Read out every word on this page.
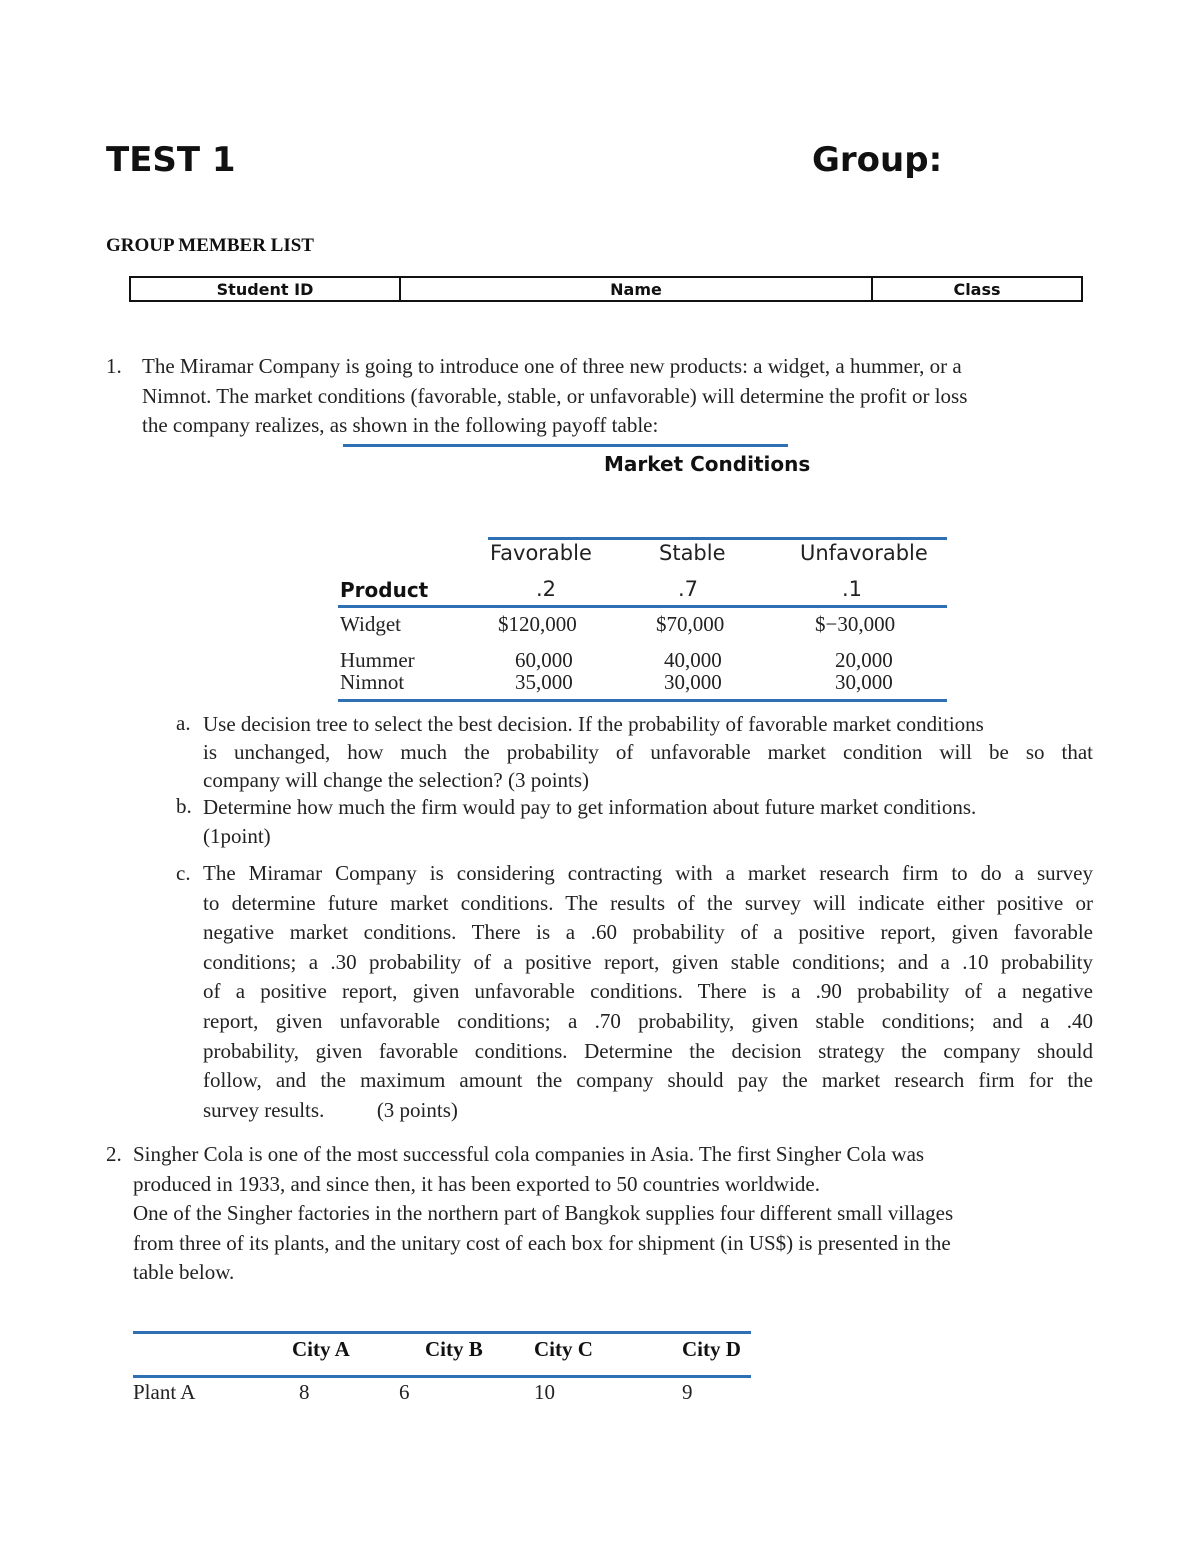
TEST 1	Group:
GROUP MEMBER LIST
Student ID	Name	Class
1. The Miramar Company is going to introduce one of three new products: a widget, a hummer, or a
Nimnot. The market conditions (favorable, stable, or unfavorable) will determine the profit or loss
the company realizes, as shown in the following payoff table:
Market Conditions
Favorable	Stable	Unfavorable
Product	.2	.7	.1
Widget	$120,000	$70,000	$−30,000
Hummer	60,000	40,000	20,000
Nimnot	35,000	30,000	30,000
a. Use decision tree to select the best decision. If the probability of favorable market conditions
is unchanged, how much the probability of unfavorable market condition will be so that
company will change the selection? (3 points)
b. Determine how much the firm would pay to get information about future market conditions.
(1point)
c. The Miramar Company is considering contracting with a market research firm to do a survey
to determine future market conditions. The results of the survey will indicate either positive or
negative market conditions. There is a .60 probability of a positive report, given favorable
conditions; a .30 probability of a positive report, given stable conditions; and a .10 probability
of a positive report, given unfavorable conditions. There is a .90 probability of a negative
report, given unfavorable conditions; a .70 probability, given stable conditions; and a .40
probability, given favorable conditions. Determine the decision strategy the company should
follow, and the maximum amount the company should pay the market research firm for the
survey results.          (3 points)
2. Singher Cola is one of the most successful cola companies in Asia. The first Singher Cola was
produced in 1933, and since then, it has been exported to 50 countries worldwide.
One of the Singher factories in the northern part of Bangkok supplies four different small villages
from three of its plants, and the unitary cost of each box for shipment (in US$) is presented in the
table below.
City A	City B City C	City D
Plant A	8	6	10	9
